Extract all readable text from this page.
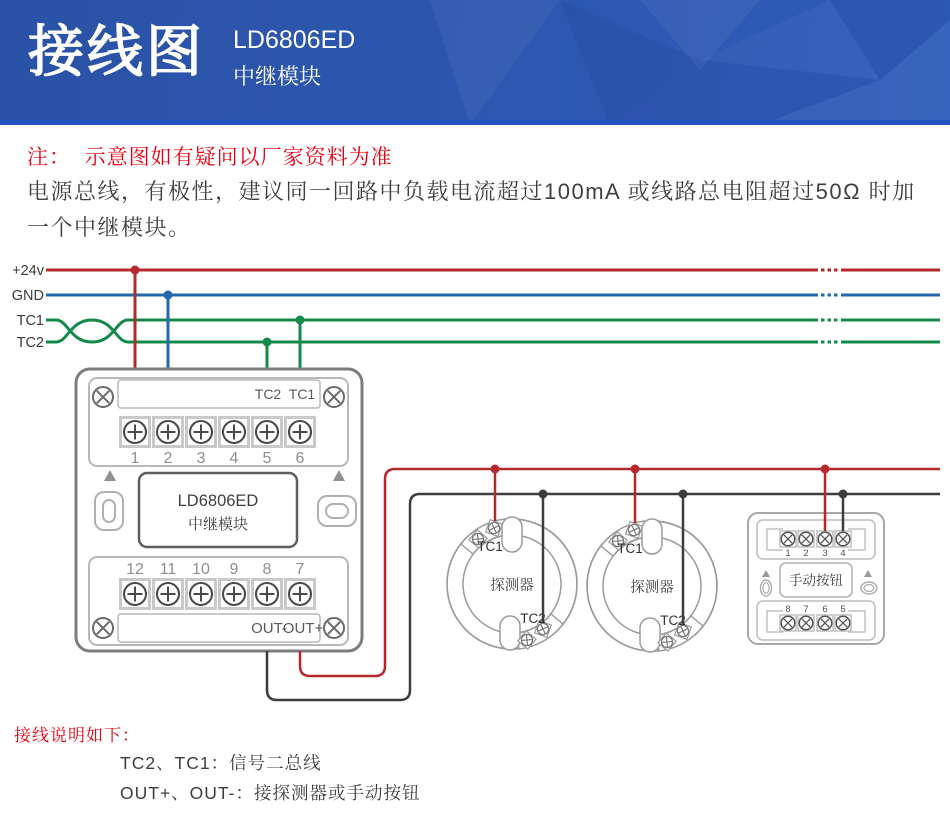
接线图 LD6806ED
中继模块
注：  示意图如有疑问以厂家资料为准
电源总线，有极性，建议同一回路中负载电流超过100mA 或线路总电阻超过50Ω 时加
一个中继模块。
+24v
GND
TC1
TC2
TC2 TC1
1 2 3 4 5 6
LD6806ED
中继模块
12 11 10 9 8 7
OUT-
OUT+
TC1
探测器
TC2
TC1
探测器
TC2
1 2 3 4
手动按钮
8 7 6 5
接线说明如下：
TC2、TC1：信号二总线
OUT+、OUT-：接探测器或手动按钮
